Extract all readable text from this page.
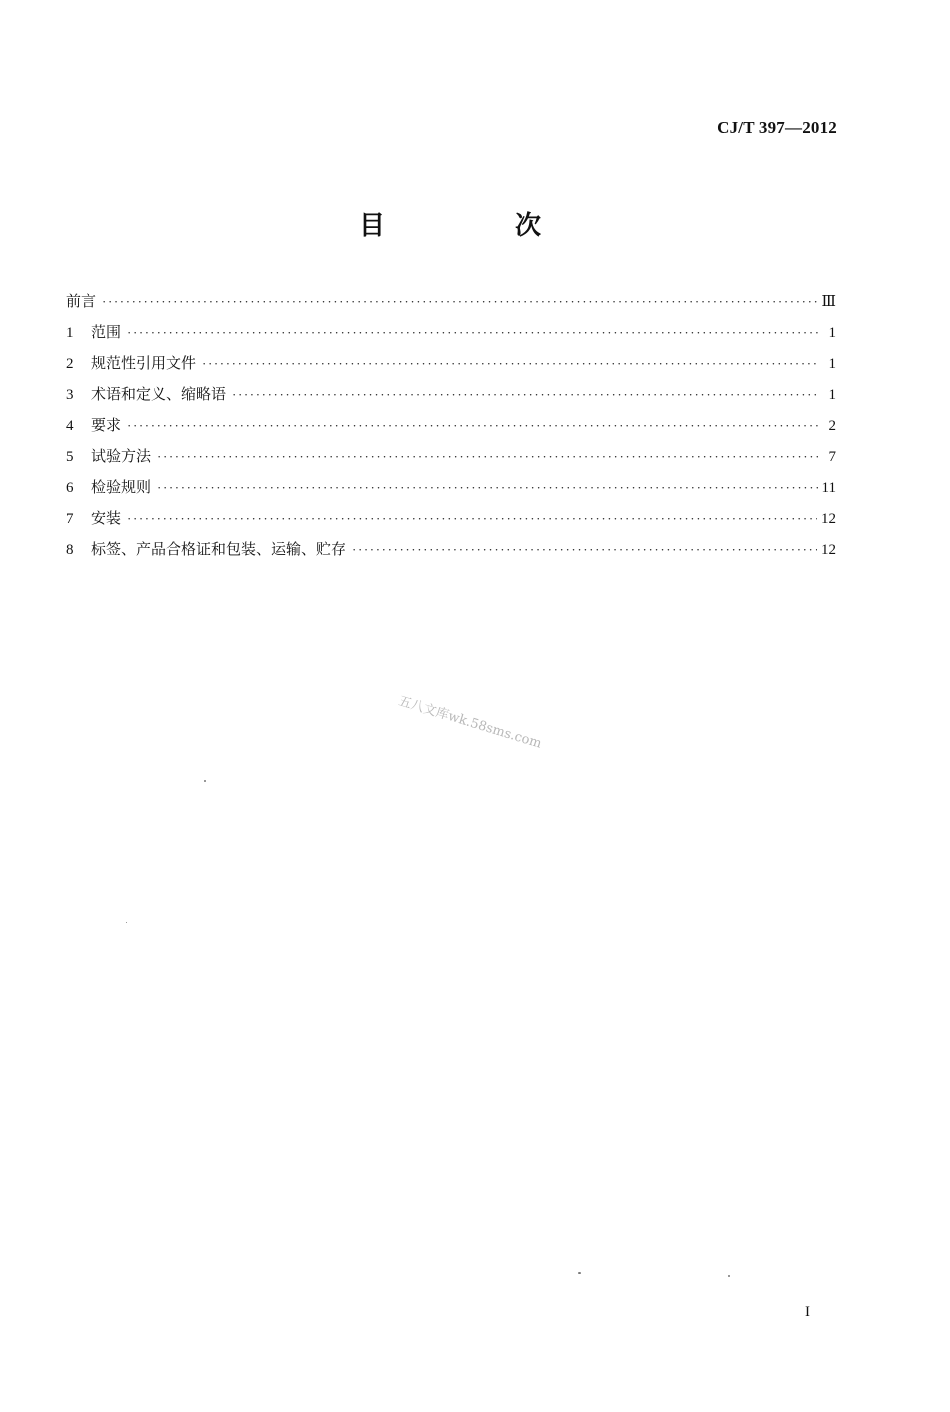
CJ/T 397—2012
目　次
前言 ·····	Ⅲ
1	范围 ·····	1
2	规范性引用文件 ·····	1
3	术语和定义、缩略语 ·····	1
4	要求 ·····	2
5	试验方法 ·····	7
6	检验规则 ·····	11
7	安装 ·····	12
8	标签、产品合格证和包装、运输、贮存 ·····	12
五八文库wk.58sms.com
I
